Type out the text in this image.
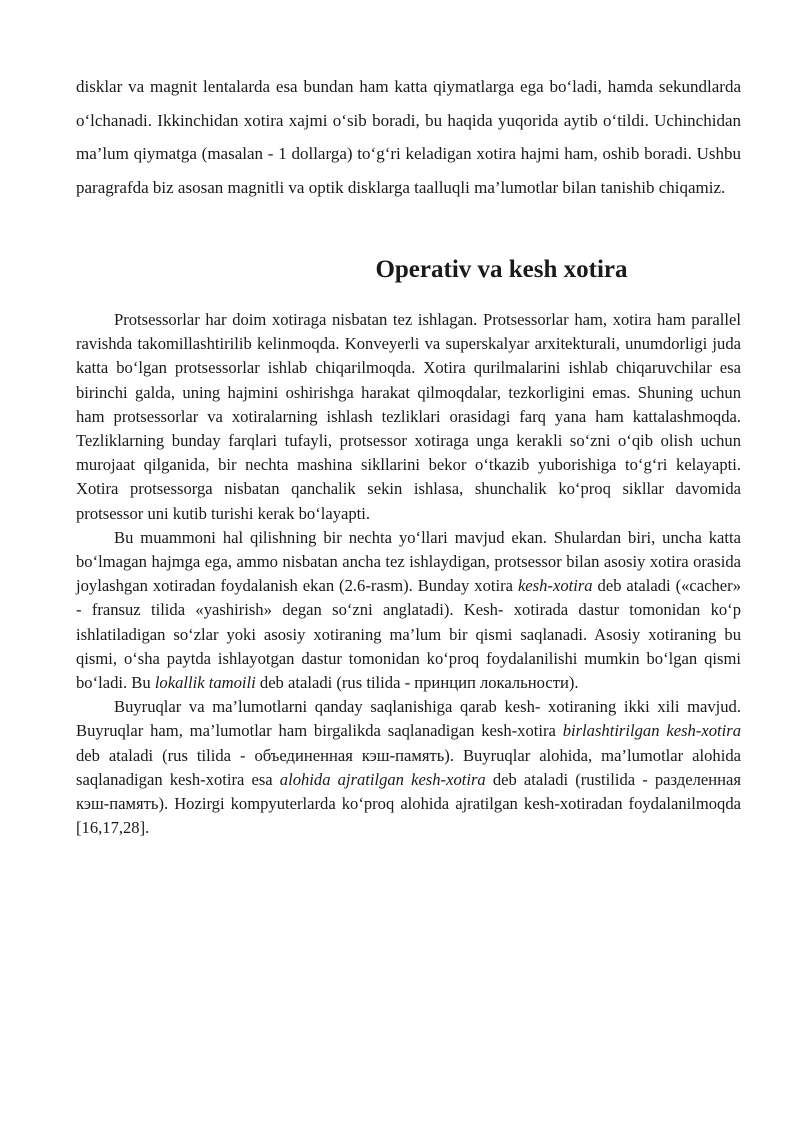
disklar va magnit lentalarda esa bundan ham katta qiymatlarga ega bo‘ladi, hamda sekundlarda o‘lchanadi. Ikkinchidan xotira xajmi o‘sib boradi, bu haqida yuqorida aytib o‘tildi. Uchinchidan ma’lum qiymatga (masalan - 1 dollarga) to‘g‘ri keladigan xotira hajmi ham, oshib boradi. Ushbu paragrafda biz asosan magnitli va optik disklarga taalluqli ma’lumotlar bilan tanishib chiqamiz.

Operativ va kesh xotira

Protsessorlar har doim xotiraga nisbatan tez ishlagan. Protsessorlar ham, xotira ham parallel ravishda takomillashtirilib kelinmoqda. Konveyerli va superskalyar arxitekturali, unumdorligi juda katta bo‘lgan protsessorlar ishlab chiqarilmoqda. Xotira qurilmalarini ishlab chiqaruvchilar esa birinchi galda, uning hajmini oshirishga harakat qilmoqdalar, tezkorligini emas. Shuning uchun ham protsessorlar va xotiralarning ishlash tezliklari orasidagi farq yana ham kattalashmoqda. Tezliklarning bunday farqlari tufayli, protsessor xotiraga unga kerakli so‘zni o‘qib olish uchun murojaat qilganida, bir nechta mashina sikllarini bekor o‘tkazib yuborishiga to‘g‘ri kelayapti. Xotira protsessorga nisbatan qanchalik sekin ishlasa, shunchalik ko‘proq sikllar davomida protsessor uni kutib turishi kerak bo‘layapti.

Bu muammoni hal qilishning bir nechta yo‘llari mavjud ekan. Shulardan biri, uncha katta bo‘lmagan hajmga ega, ammo nisbatan ancha tez ishlaydigan, protsessor bilan asosiy xotira orasida joylashgan xotiradan foydalanish ekan (2.6-rasm). Bunday xotira kesh-xotira deb ataladi («cacher» - fransuz tilida «yashirish» degan so‘zni anglatadi). Kesh- xotirada dastur tomonidan ko‘p ishlatiladigan so‘zlar yoki asosiy xotiraning ma’lum bir qismi saqlanadi. Asosiy xotiraning bu qismi, o‘sha paytda ishlayotgan dastur tomonidan ko‘proq foydalanilishi mumkin bo‘lgan qismi bo‘ladi. Bu lokallik tamoili deb ataladi (rus tilida - принцип локальности).

Buyruqlar va ma’lumotlarni qanday saqlanishiga qarab kesh- xotiraning ikki xili mavjud. Buyruqlar ham, ma’lumotlar ham birgalikda saqlanadigan kesh-xotira birlashtirilgan kesh-xotira deb ataladi (rus tilida - объединенная кэш-память). Buyruqlar alohida, ma’lumotlar alohida saqlanadigan kesh-xotira esa alohida ajratilgan kesh-xotira deb ataladi (rustilida - разделенная кэш-память). Hozirgi kompyuterlarda ko‘proq alohida ajratilgan kesh-xotiradan foydalanilmoqda [16,17,28].
